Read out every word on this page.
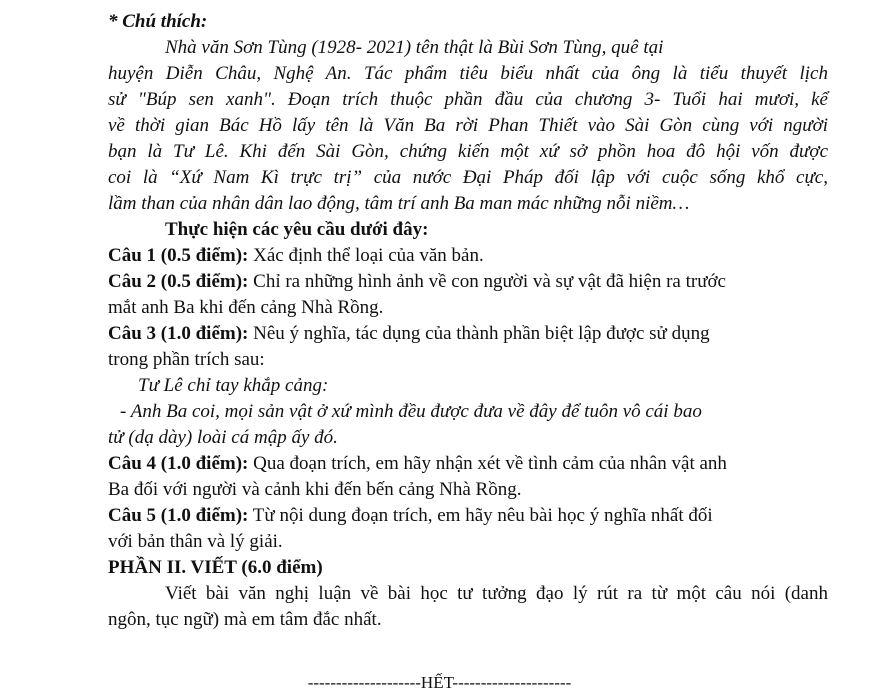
* Chú thích:

Nhà văn Sơn Tùng (1928- 2021) tên thật là Bùi Sơn Tùng, quê tại

huyện Diễn Châu, Nghệ An. Tác phẩm tiêu biểu nhất của ông là tiểu thuyết lịch

sử "Búp sen xanh". Đoạn trích thuộc phần đầu của chương 3- Tuổi hai mươi, kể

về thời gian Bác Hồ lấy tên là Văn Ba rời Phan Thiết vào Sài Gòn cùng với người

bạn là Tư Lê. Khi đến Sài Gòn, chứng kiến một xứ sở phồn hoa đô hội vốn được

coi là “Xứ Nam Kì trực trị” của nước Đại Pháp đối lập với cuộc sống khổ cực,

lầm than của nhân dân lao động, tâm trí anh Ba man mác những nỗi niềm…

Thực hiện các yêu cầu dưới đây:

Câu 1 (0.5 điểm): Xác định thể loại của văn bản.

Câu 2 (0.5 điểm): Chỉ ra những hình ảnh về con người và sự vật đã hiện ra trước

mắt anh Ba khi đến cảng Nhà Rồng.

Câu 3 (1.0 điểm): Nêu ý nghĩa, tác dụng của thành phần biệt lập được sử dụng

trong phần trích sau:

Tư Lê chỉ tay khắp cảng:

- Anh Ba coi, mọi sản vật ở xứ mình đều được đưa về đây để tuôn vô cái bao

tử (dạ dày) loài cá mập ấy đó.

Câu 4 (1.0 điểm): Qua đoạn trích, em hãy nhận xét về tình cảm của nhân vật anh

Ba đối với người và cảnh khi đến bến cảng Nhà Rồng.

Câu 5 (1.0 điểm): Từ nội dung đoạn trích, em hãy nêu bài học ý nghĩa nhất đối

với bản thân và lý giải.

PHẦN II. VIẾT (6.0 điểm)

Viết bài văn nghị luận về bài học tư tưởng đạo lý rút ra từ một câu nói (danh

ngôn, tục ngữ) mà em tâm đắc nhất.

--------------------HẾT---------------------
